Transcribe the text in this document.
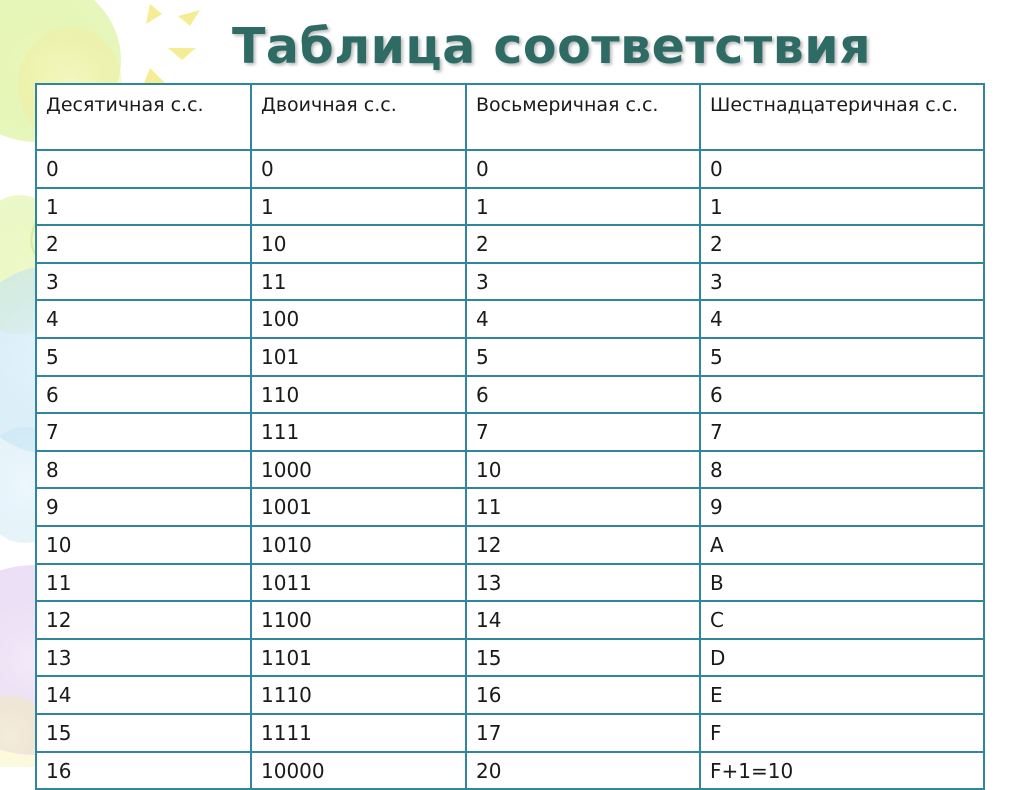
Таблица соответствия
Десятичная с.с.	Двоичная с.с.	Восьмеричная с.с.	Шестнадцатеричная с.с.
0	0	0	0
1	1	1	1
2	10	2	2
3	11	3	3
4	100	4	4
5	101	5	5
6	110	6	6
7	111	7	7
8	1000	10	8
9	1001	11	9
10	1010	12	A
11	1011	13	B
12	1100	14	C
13	1101	15	D
14	1110	16	E
15	1111	17	F
16	10000	20	F+1=10
